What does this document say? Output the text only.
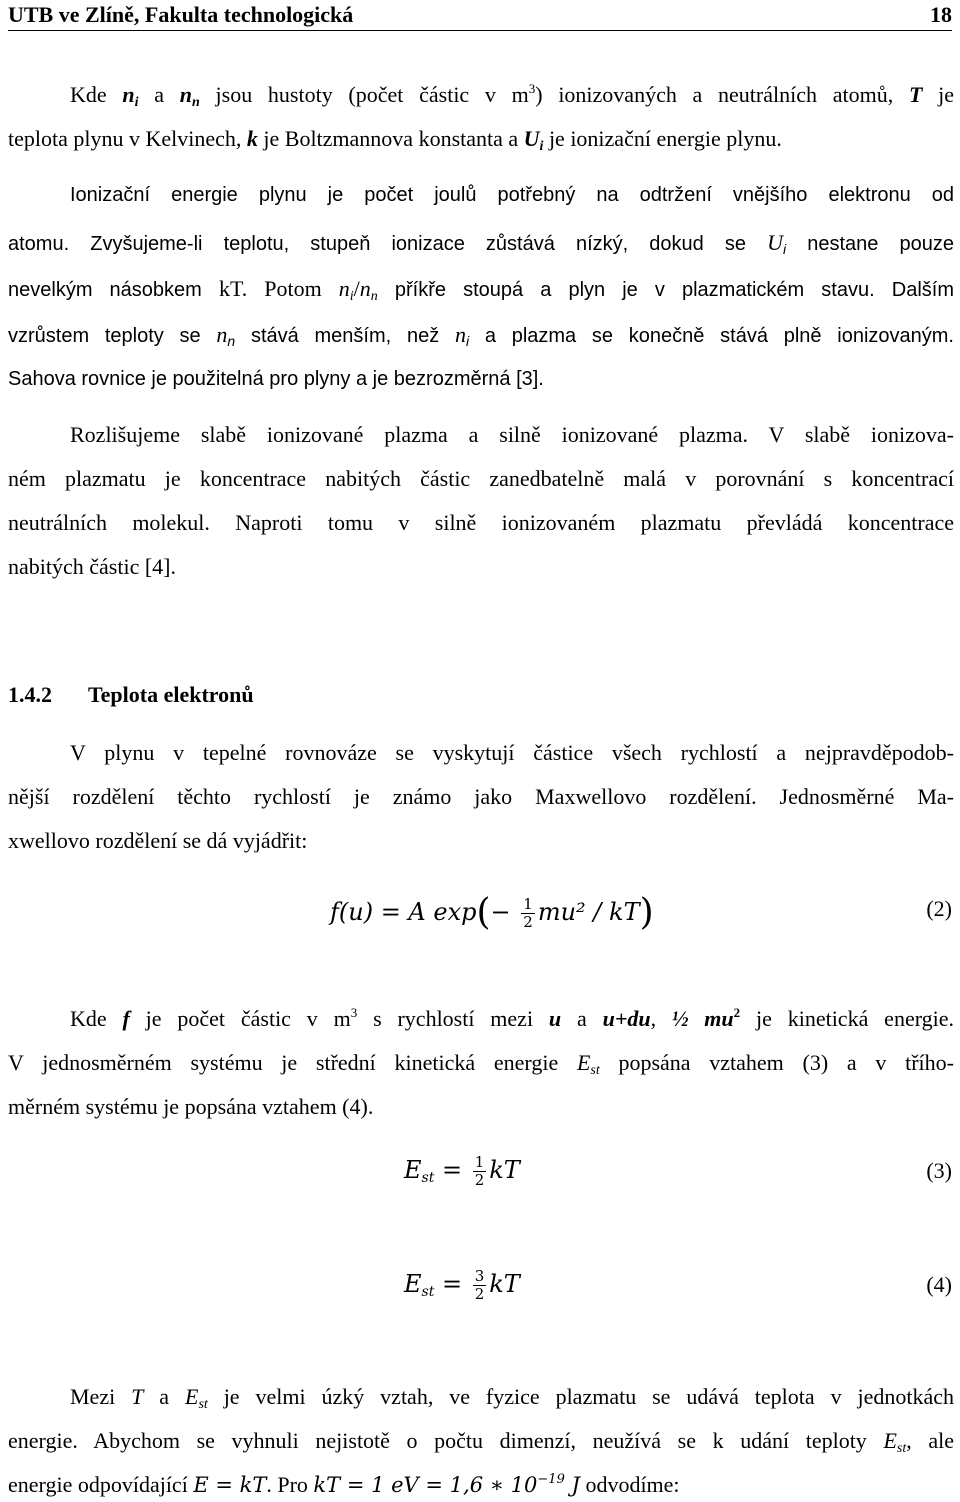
UTB ve Zlíně, Fakulta technologická	18
Kde $n_i$ a $n_n$ jsou hustoty (počet částic v $m^3$) ionizovaných a neutrálních atomů, T je
teplota plynu v Kelvinech, k je Boltzmannova konstanta a $U_i$ je ionizační energie plynu.
Ionizační energie plynu je počet joulů potřebný na odtržení vnějšího elektronu od
atomu. Zvyšujeme-li teplotu, stupeň ionizace zůstává nízký, dokud se $U_i$ nestane pouze
nevelkým násobkem kT. Potom $n_i/n_n$ příkře stoupá a plyn je v plazmatickém stavu. Dalším
vzrůstem teploty se $n_n$ stává menším, než $n_i$ a plazma se konečně stává plně ionizovaným.
Sahova rovnice je použitelná pro plyny a je bezrozměrná [3].
Rozlišujeme slabě ionizované plazma a silně ionizované plazma. V slabě ionizova-
ném plazmatu je koncentrace nabitých částic zanedbatelně malá v porovnání s koncentrací
neutrálních molekul. Naproti tomu v silně ionizovaném plazmatu převládá koncentrace
nabitých částic [4].
1.4.2 Teplota elektronů
V plynu v tepelné rovnováze se vyskytují částice všech rychlostí a nejpravděpodob-
nější rozdělení těchto rychlostí je známo jako Maxwellovo rozdělení. Jednosměrné Ma-
xwellovo rozdělení se dá vyjádřit:
f(u) = A $\exp(- \frac{1}{2} mu^2 / kT)$	(2)
Kde f je počet částic v $m^3$ s rychlostí mezi u a u+du, ½ $mu^2$ je kinetická energie.
V jednosměrném systému je střední kinetická energie $E_{st}$ popsána vztahem (3) a v třího-
měrném systému je popsána vztahem (4).
$E_{st} = \frac{1}{2}$ kT	(3)
$E_{st} = \frac{3}{2}$ kT	(4)
Mezi T a $E_{st}$ je velmi úzký vztah, ve fyzice plazmatu se udává teplota v jednotkách
energie. Abychom se vyhnuli nejistotě o počtu dimenzí, neužívá se k udání teploty $E_{st}$, ale
energie odpovídající E = kT. Pro kT = 1 eV = 1,6 ∗ $10^{-19}$ J odvodíme:
